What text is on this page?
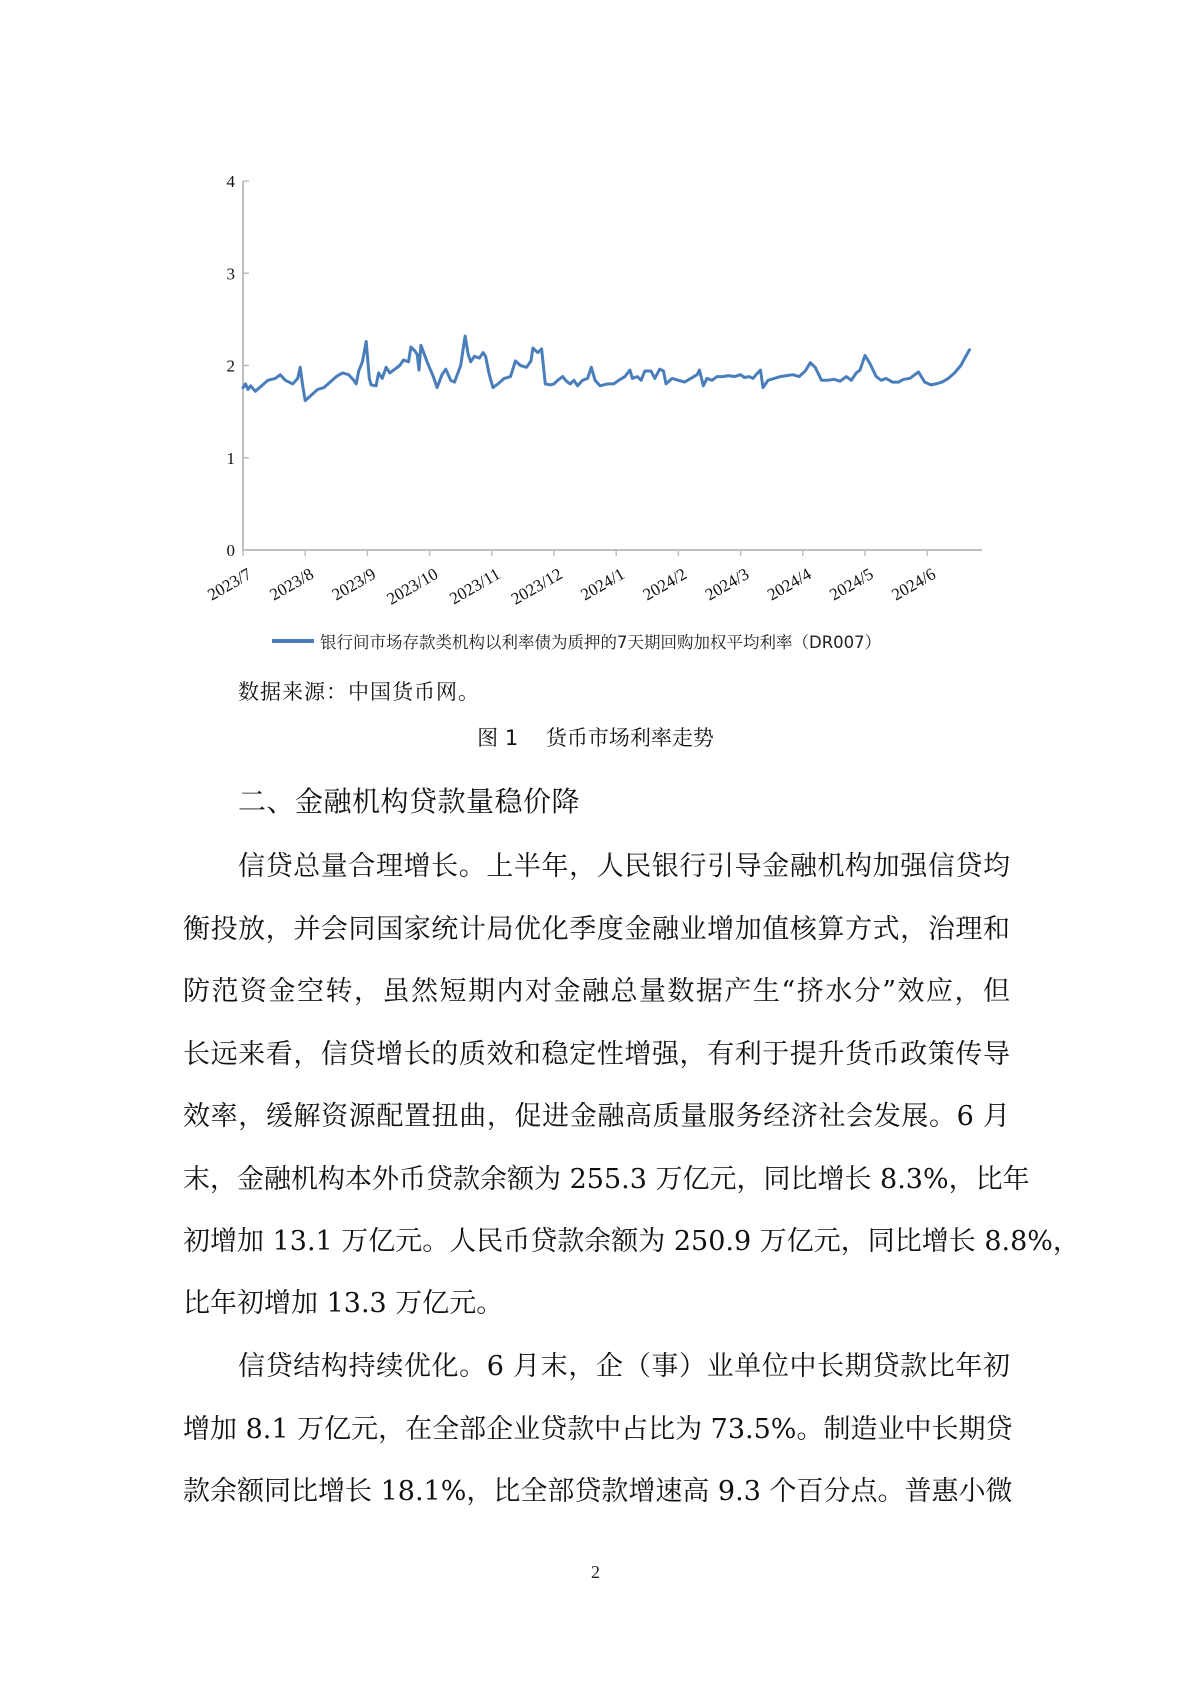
0
1
2
3
4
2023/7 2023/8 2023/9 2023/10 2023/11 2023/12 2024/1 2024/2 2024/3 2024/4 2024/5 2024/6
银行间市场存款类机构以利率债为质押的7天期回购加权平均利率（DR007）
数据来源：中国货币网。
图 1　 货币市场利率走势
二、金融机构贷款量稳价降
信贷总量合理增长。上半年，人民银行引导金融机构加强信贷均
衡投放，并会同国家统计局优化季度金融业增加值核算方式，治理和
防范资金空转，虽然短期内对金融总量数据产生“挤水分”效应，但
长远来看，信贷增长的质效和稳定性增强，有利于提升货币政策传导
效率，缓解资源配置扭曲，促进金融高质量服务经济社会发展。6 月
末，金融机构本外币贷款余额为 255.3 万亿元，同比增长 8.3%，比年
初增加 13.1 万亿元。人民币贷款余额为 250.9 万亿元，同比增长 8.8%，
比年初增加 13.3 万亿元。
信贷结构持续优化。6 月末，企（事）业单位中长期贷款比年初
增加 8.1 万亿元，在全部企业贷款中占比为 73.5%。制造业中长期贷
款余额同比增长 18.1%，比全部贷款增速高 9.3 个百分点。普惠小微
2
